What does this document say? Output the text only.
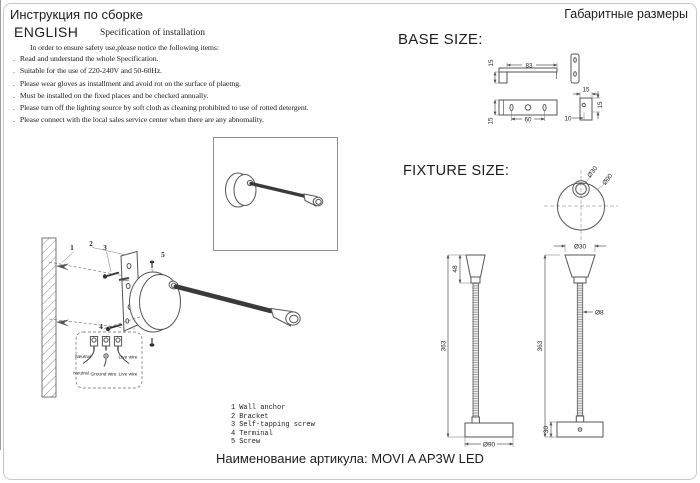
Инструкция по сборке	Габаритные размеры
ENGLISH Specification of installation
In order to ensure safety use,please notice the following items:
. Read and understand the whole Specification.
. Suitable for the use of 220-240V and 50-60Hz.
. Please wear gloves as installment and avoid rot on the surface of plaetng.
. Must be installed on the fixed places and be checked annually.
. Please turn off the lighting source by soft cloth as cleaning prohibited to use of rotted detergent.
. Please connect with the local sales service center when there are any abnomality.
1 2 3
5
4
Neutral	Live wire
Neutral Ground wire Live wire
1 Wall anchor
2 Bracket
3 Self-tapping screw
4 Terminal
5 Screw
BASE SIZE:
FIXTURE SIZE:
83
15
60
15
15
15
10
Ø30
Ø90
363
48
Ø90
Ø30
363
Ø8
30
Наименование артикула: MOVI A AP3W LED
